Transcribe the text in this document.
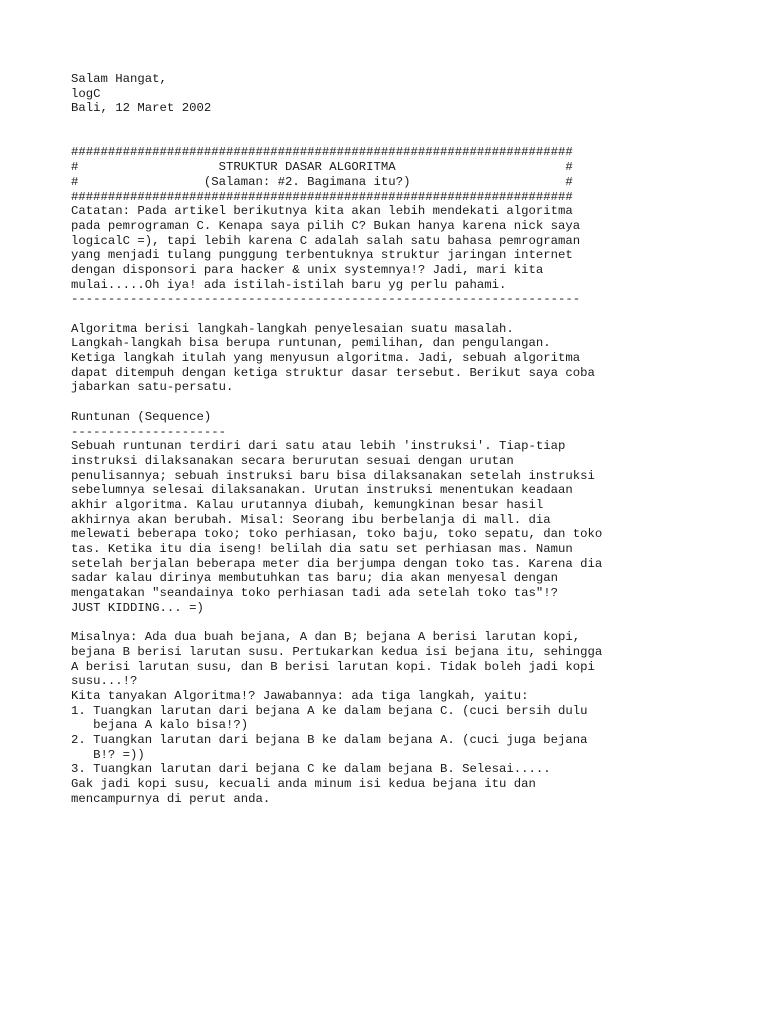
Salam Hangat,
logC
Bali, 12 Maret 2002
####################################################################
#                   STRUKTUR DASAR ALGORITMA                       #
#                 (Salaman: #2. Bagimana itu?)                     #
####################################################################
Catatan: Pada artikel berikutnya kita akan lebih mendekati algoritma
pada pemrograman C. Kenapa saya pilih C? Bukan hanya karena nick saya
logicalC =), tapi lebih karena C adalah salah satu bahasa pemrograman
yang menjadi tulang punggung terbentuknya struktur jaringan internet
dengan disponsori para hacker & unix systemnya!? Jadi, mari kita
mulai.....Oh iya! ada istilah-istilah baru yg perlu pahami.
---------------------------------------------------------------------
Algoritma berisi langkah-langkah penyelesaian suatu masalah.
Langkah-langkah bisa berupa runtunan, pemilihan, dan pengulangan.
Ketiga langkah itulah yang menyusun algoritma. Jadi, sebuah algoritma
dapat ditempuh dengan ketiga struktur dasar tersebut. Berikut saya coba
jabarkan satu-persatu.
Runtunan (Sequence)
---------------------
Sebuah runtunan terdiri dari satu atau lebih 'instruksi'. Tiap-tiap
instruksi dilaksanakan secara berurutan sesuai dengan urutan
penulisannya; sebuah instruksi baru bisa dilaksanakan setelah instruksi
sebelumnya selesai dilaksanakan. Urutan instruksi menentukan keadaan
akhir algoritma. Kalau urutannya diubah, kemungkinan besar hasil
akhirnya akan berubah. Misal: Seorang ibu berbelanja di mall. dia
melewati beberapa toko; toko perhiasan, toko baju, toko sepatu, dan toko
tas. Ketika itu dia iseng! belilah dia satu set perhiasan mas. Namun
setelah berjalan beberapa meter dia berjumpa dengan toko tas. Karena dia
sadar kalau dirinya membutuhkan tas baru; dia akan menyesal dengan
mengatakan "seandainya toko perhiasan tadi ada setelah toko tas"!?
JUST KIDDING... =)
Misalnya: Ada dua buah bejana, A dan B; bejana A berisi larutan kopi,
bejana B berisi larutan susu. Pertukarkan kedua isi bejana itu, sehingga
A berisi larutan susu, dan B berisi larutan kopi. Tidak boleh jadi kopi
susu...!?
Kita tanyakan Algoritma!? Jawabannya: ada tiga langkah, yaitu:
1. Tuangkan larutan dari bejana A ke dalam bejana C. (cuci bersih dulu
bejana A kalo bisa!?)
2. Tuangkan larutan dari bejana B ke dalam bejana A. (cuci juga bejana
B!? =))
3. Tuangkan larutan dari bejana C ke dalam bejana B. Selesai.....
Gak jadi kopi susu, kecuali anda minum isi kedua bejana itu dan
mencampurnya di perut anda.
